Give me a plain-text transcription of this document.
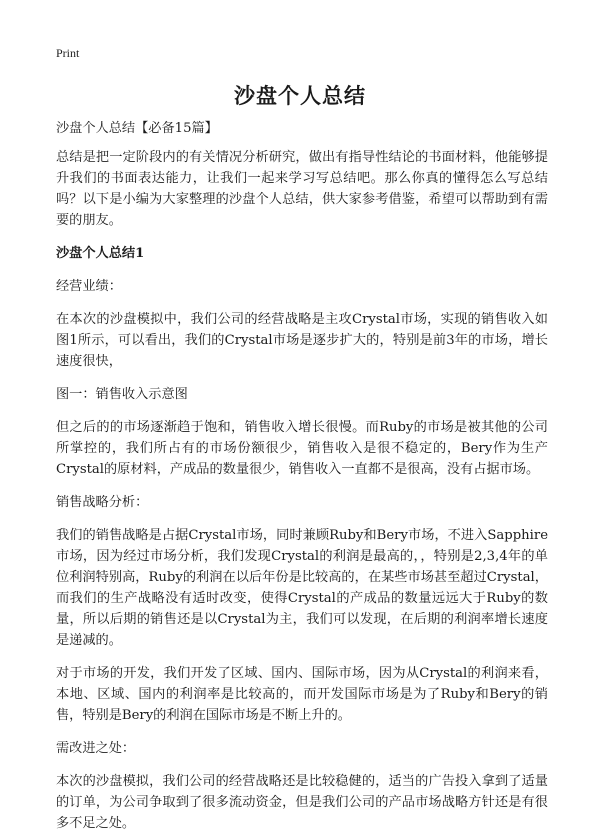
Print
沙盘个人总结

沙盘个人总结【必备15篇】

总结是把一定阶段内的有关情况分析研究，做出有指导性结论的书面材料，他能够提升我们的书面表达能力，让我们一起来学习写总结吧。那么你真的懂得怎么写总结吗？以下是小编为大家整理的沙盘个人总结，供大家参考借鉴，希望可以帮助到有需要的朋友。

沙盘个人总结1

经营业绩：

在本次的沙盘模拟中，我们公司的经营战略是主攻Crystal市场，实现的销售收入如图1所示，可以看出，我们的Crystal市场是逐步扩大的，特别是前3年的市场，增长速度很快，

图一：销售收入示意图

但之后的的市场逐渐趋于饱和，销售收入增长很慢。而Ruby的市场是被其他的公司所掌控的，我们所占有的市场份额很少，销售收入是很不稳定的，Bery作为生产Crystal的原材料，产成品的数量很少，销售收入一直都不是很高，没有占据市场。

销售战略分析：

我们的销售战略是占据Crystal市场，同时兼顾Ruby和Bery市场，不进入Sapphire市场，因为经过市场分析，我们发现Crystal的利润是最高的，，特别是2,3,4年的单位利润特别高，Ruby的利润在以后年份是比较高的，在某些市场甚至超过Crystal，而我们的生产战略没有适时改变，使得Crystal的产成品的数量远远大于Ruby的数量，所以后期的销售还是以Crystal为主，我们可以发现，在后期的利润率增长速度是递减的。

对于市场的开发，我们开发了区域、国内、国际市场，因为从Crystal的利润来看，本地、区域、国内的利润率是比较高的，而开发国际市场是为了Ruby和Bery的销售，特别是Bery的利润在国际市场是不断上升的。

需改进之处：

本次的沙盘模拟，我们公司的经营战略还是比较稳健的，适当的广告投入拿到了适量的订单，为公司争取到了很多流动资金，但是我们公司的产品市场战略方针还是有很多不足之处。
